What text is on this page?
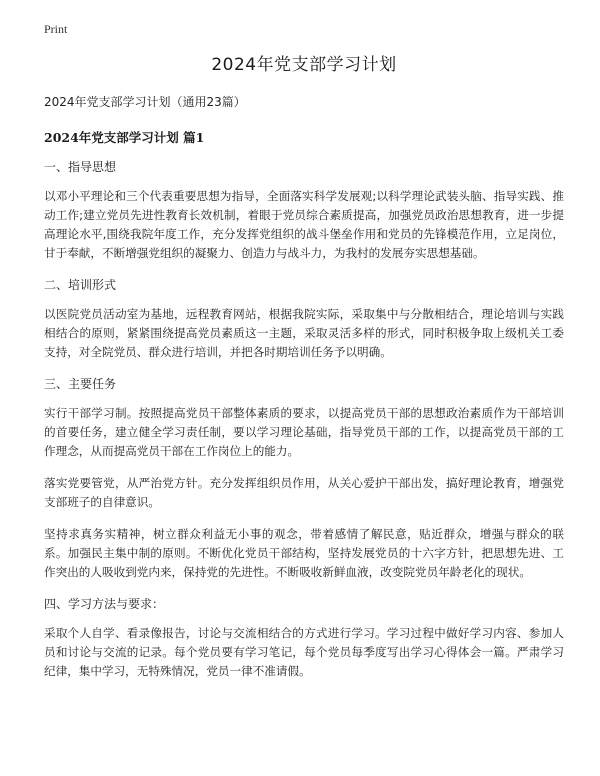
Print
2024年党支部学习计划

2024年党支部学习计划（通用23篇）

2024年党支部学习计划 篇1

一、指导思想

以邓小平理论和三个代表重要思想为指导，全面落实科学发展观;以科学理论武装头脑、指导实践、推动工作;建立党员先进性教育长效机制，着眼于党员综合素质提高，加强党员政治思想教育，进一步提高理论水平,围绕我院年度工作，充分发挥党组织的战斗堡垒作用和党员的先锋模范作用，立足岗位，甘于奉献，不断增强党组织的凝聚力、创造力与战斗力，为我村的发展夯实思想基础。

二、培训形式

以医院党员活动室为基地，远程教育网站，根据我院实际，采取集中与分散相结合，理论培训与实践相结合的原则，紧紧围绕提高党员素质这一主题，采取灵活多样的形式，同时积极争取上级机关工委支持，对全院党员、群众进行培训，并把各时期培训任务予以明确。

三、主要任务

实行干部学习制。按照提高党员干部整体素质的要求，以提高党员干部的思想政治素质作为干部培训的首要任务，建立健全学习责任制，要以学习理论基础，指导党员干部的工作，以提高党员干部的工作理念，从而提高党员干部在工作岗位上的能力。

落实党要管党，从严治党方针。充分发挥组织员作用，从关心爱护干部出发，搞好理论教育，增强党支部班子的自律意识。

坚持求真务实精神，树立群众利益无小事的观念，带着感情了解民意，贴近群众，增强与群众的联系。加强民主集中制的原则。不断优化党员干部结构，坚持发展党员的十六字方针，把思想先进、工作突出的人吸收到党内来，保持党的先进性。不断吸收新鲜血液，改变院党员年龄老化的现状。

四、学习方法与要求：

采取个人自学、看录像报告，讨论与交流相结合的方式进行学习。学习过程中做好学习内容、参加人员和讨论与交流的记录。每个党员要有学习笔记，每个党员每季度写出学习心得体会一篇。严肃学习纪律，集中学习，无特殊情况，党员一律不准请假。
